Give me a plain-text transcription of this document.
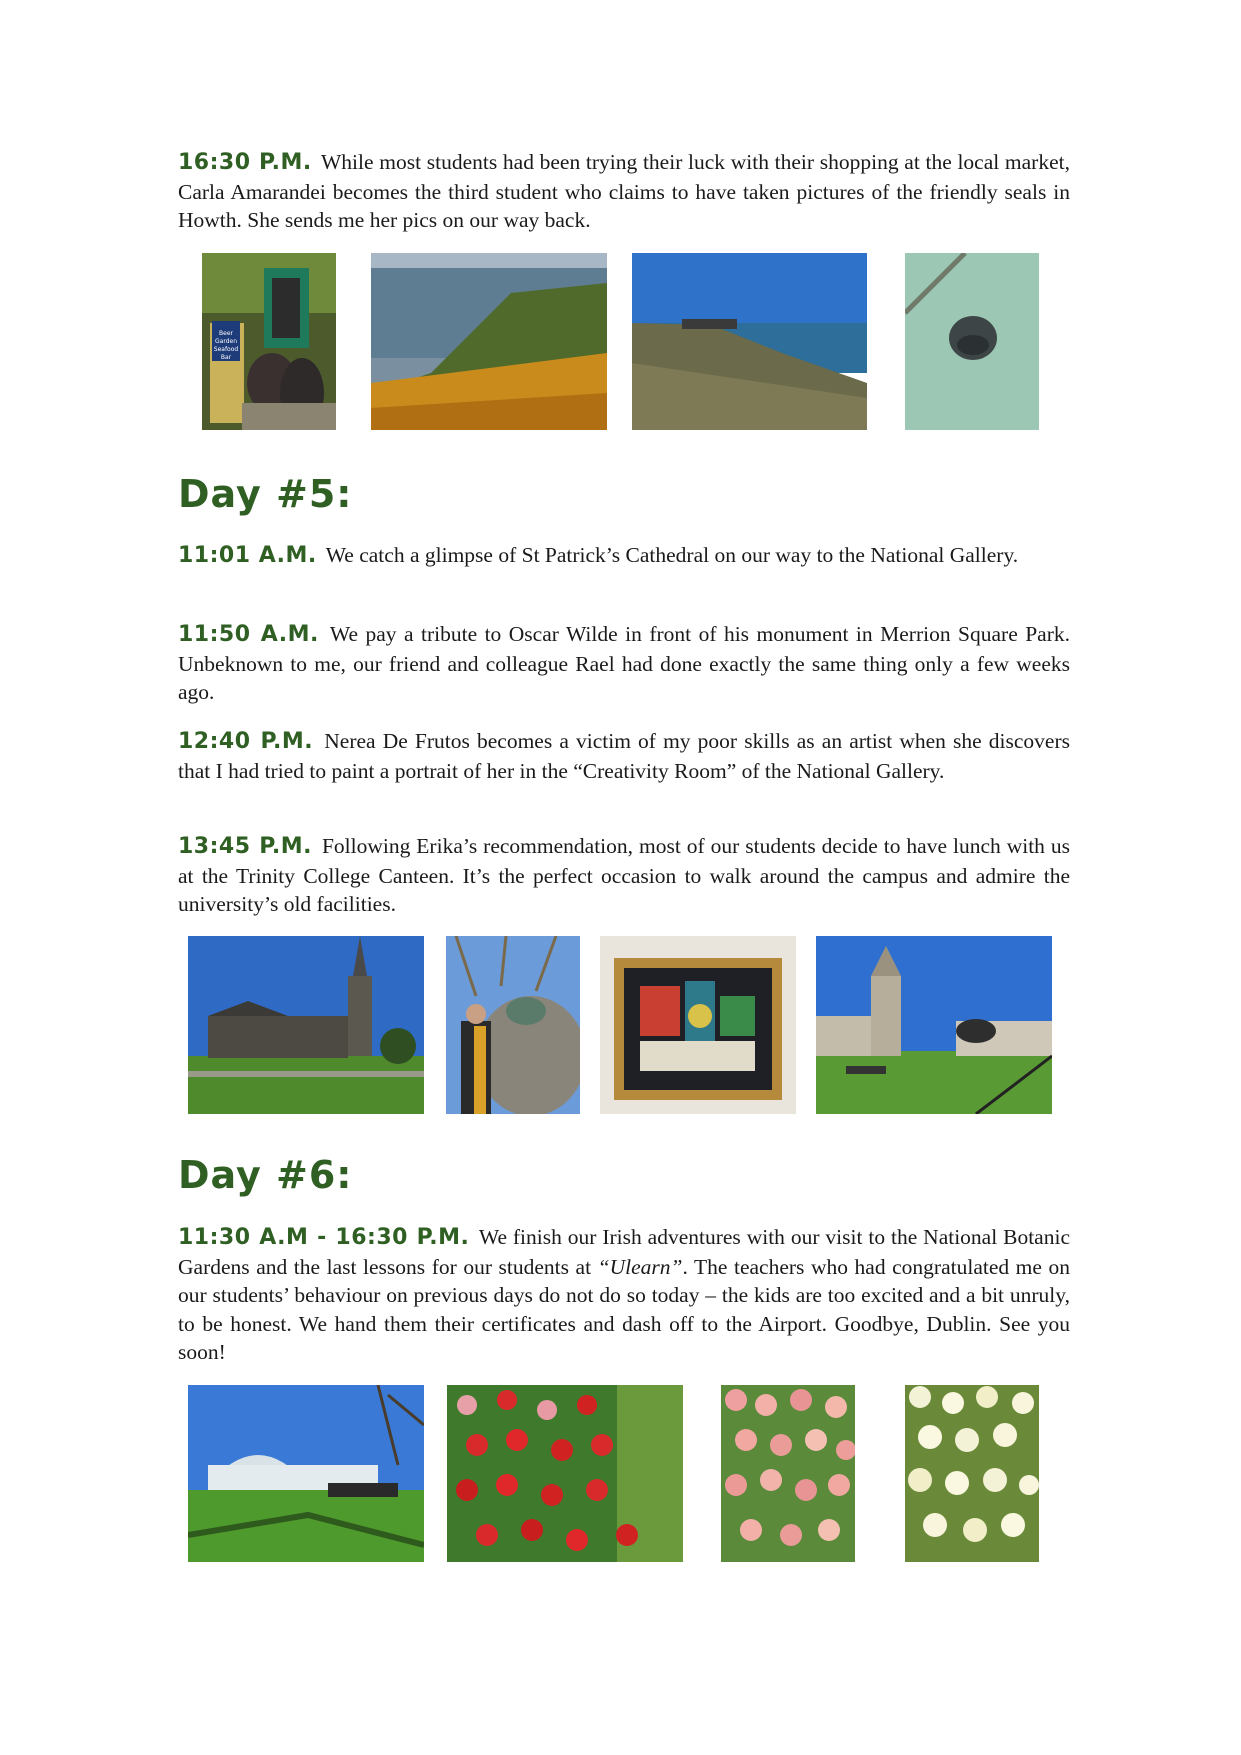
16:30 P.M. While most students had been trying their luck with their shopping at the local market, Carla Amarandei becomes the third student who claims to have taken pictures of the friendly seals in Howth. She sends me her pics on our way back.

Beer
Garden
Seafood
Bar
Day #5:

11:01 A.M. We catch a glimpse of St Patrick’s Cathedral on our way to the National Gallery.

11:50 A.M. We pay a tribute to Oscar Wilde in front of his monument in Merrion Square Park. Unbeknown to me, our friend and colleague Rael had done exactly the same thing only a few weeks ago.

12:40 P.M. Nerea De Frutos becomes a victim of my poor skills as an artist when she discovers that I had tried to paint a portrait of her in the “Creativity Room” of the National Gallery.

13:45 P.M. Following Erika’s recommendation, most of our students decide to have lunch with us at the Trinity College Canteen. It’s the perfect occasion to walk around the campus and admire the university’s old facilities.

Day #6:

11:30 A.M - 16:30 P.M. We finish our Irish adventures with our visit to the National Botanic Gardens and the last lessons for our students at “Ulearn”. The teachers who had congratulated me on our students’ behaviour on previous days do not do so today – the kids are too excited and a bit unruly, to be honest. We hand them their certificates and dash off to the Airport. Goodbye, Dublin. See you soon!
